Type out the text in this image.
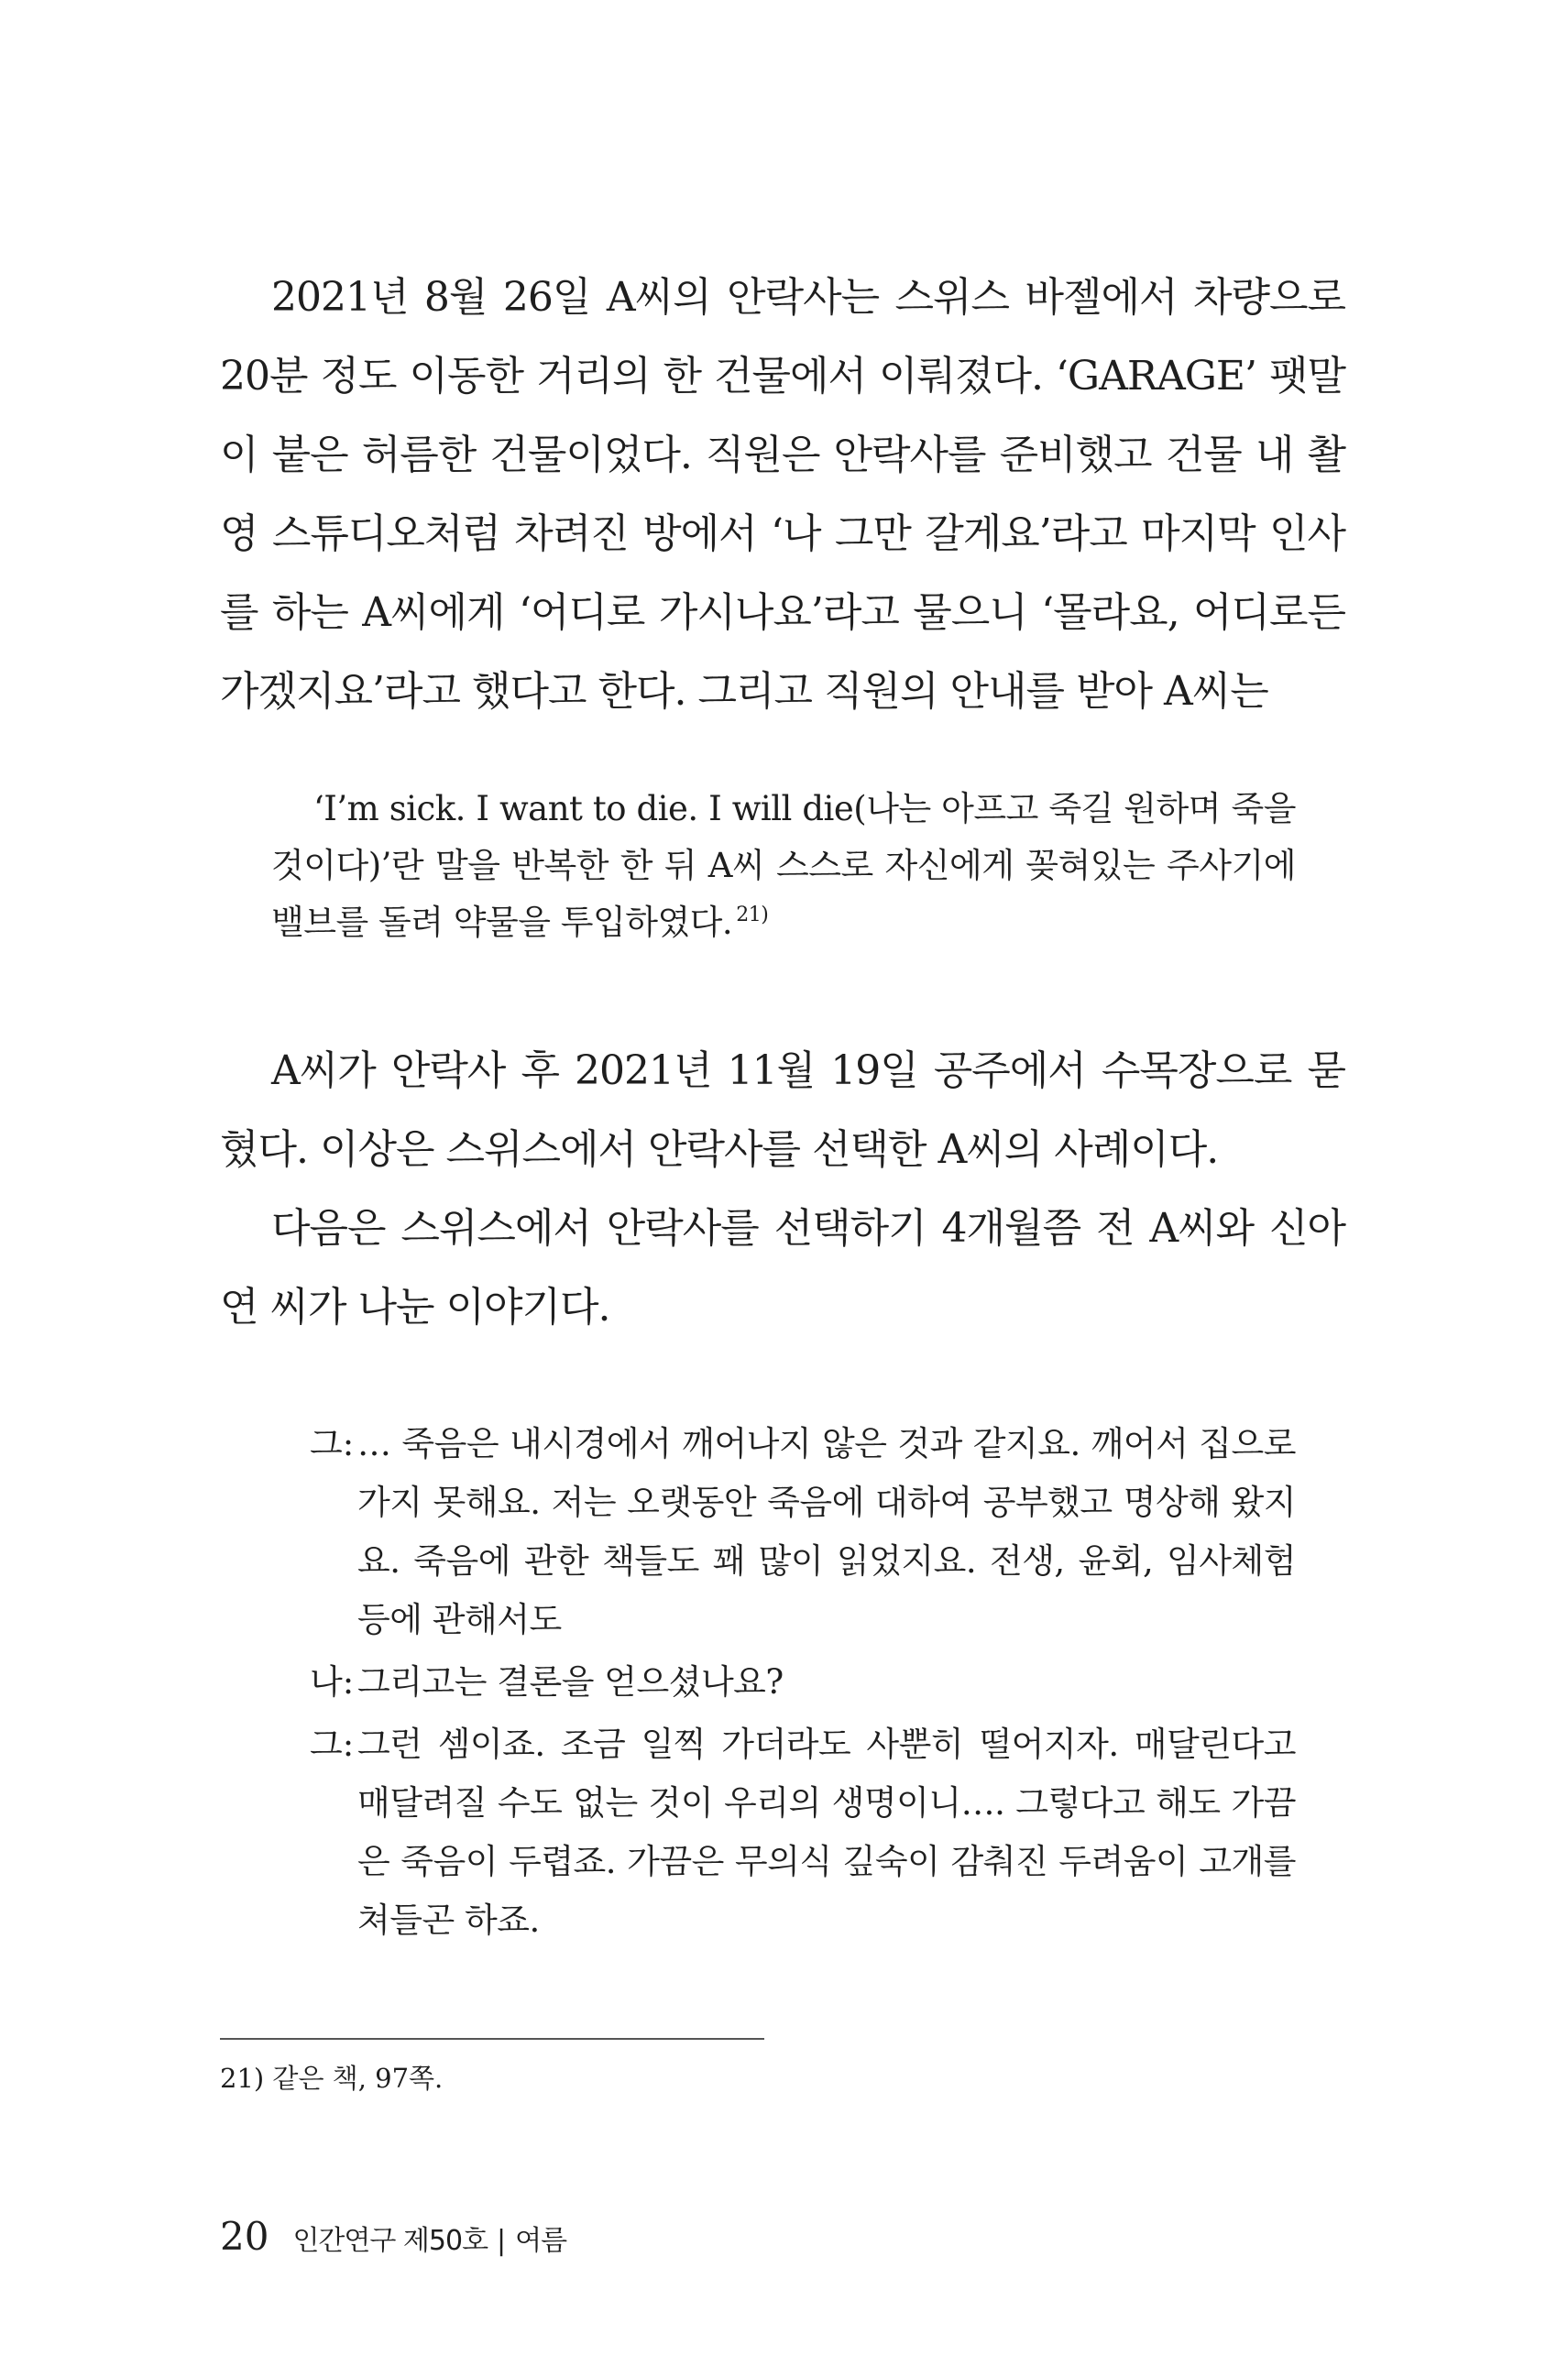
2021년 8월 26일 A씨의 안락사는 스위스 바젤에서 차량으로 20분 정도 이동한 거리의 한 건물에서 이뤄졌다. ‘GARAGE’ 팻말이 붙은 허름한 건물이었다. 직원은 안락사를 준비했고 건물 내 촬영 스튜디오처럼 차려진 방에서 ‘나 그만 갈게요’라고 마지막 인사를 하는 A씨에게 ‘어디로 가시나요’라고 물으니 ‘몰라요, 어디로든 가겠지요’라고 했다고 한다. 그리고 직원의 안내를 받아 A씨는

‘I’m sick. I want to die. I will die(나는 아프고 죽길 원하며 죽을 것이다)’란 말을 반복한 한 뒤 A씨 스스로 자신에게 꽂혀있는 주사기에 밸브를 돌려 약물을 투입하였다. $^{21)}$

A씨가 안락사 후 2021년 11월 19일 공주에서 수목장으로 묻혔다. 이상은 스위스에서 안락사를 선택한 A씨의 사례이다.

다음은 스위스에서 안락사를 선택하기 4개월쯤 전 A씨와 신아연 씨가 나눈 이야기다.

그: … 죽음은 내시경에서 깨어나지 않은 것과 같지요. 깨어서 집으로 가지 못해요. 저는 오랫동안 죽음에 대하여 공부했고 명상해 왔지요. 죽음에 관한 책들도 꽤 많이 읽었지요. 전생, 윤회, 임사체험 등에 관해서도
나: 그리고는 결론을 얻으셨나요?
그: 그런 셈이죠. 조금 일찍 가더라도 사뿐히 떨어지자. 매달린다고 매달려질 수도 없는 것이 우리의 생명이니…. 그렇다고 해도 가끔은 죽음이 두렵죠. 가끔은 무의식 깊숙이 감춰진 두려움이 고개를 쳐들곤 하죠.
21) 같은 책, 97쪽.
20 인간연구 제50호 | 여름
